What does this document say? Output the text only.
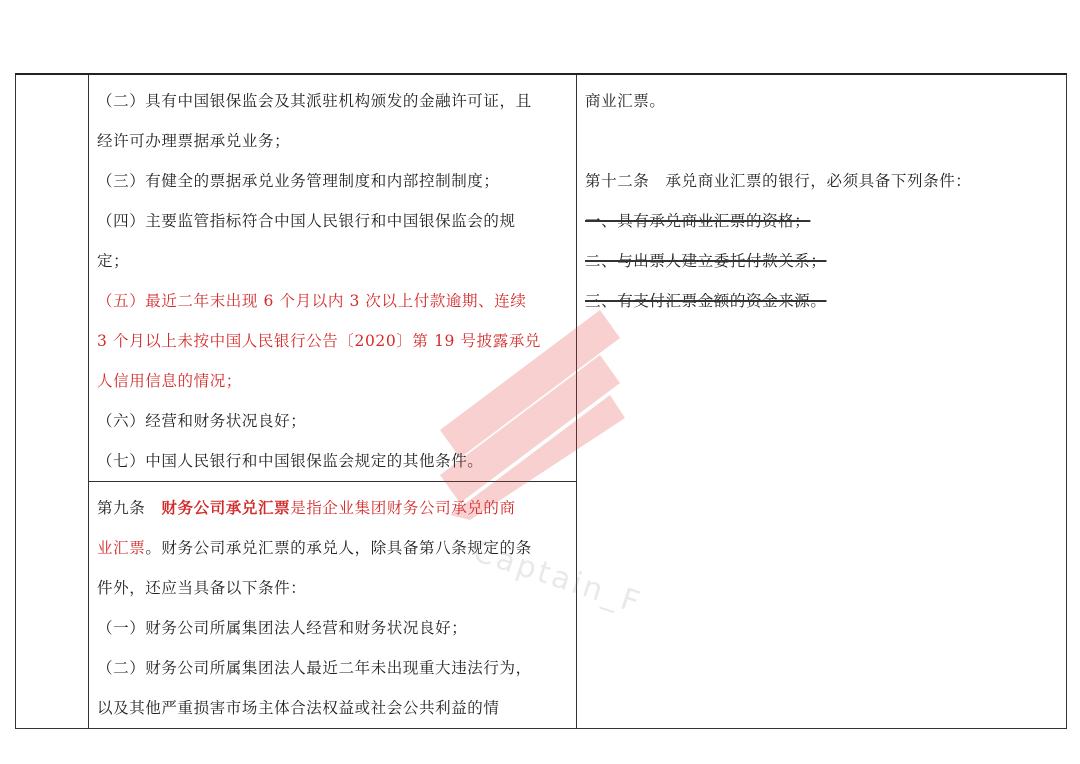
（二）具有中国银保监会及其派驻机构颁发的金融许可证，且
经许可办理票据承兑业务；
（三）有健全的票据承兑业务管理制度和内部控制制度；
（四）主要监管指标符合中国人民银行和中国银保监会的规
定；
（五）最近二年末出现 6 个月以内 3 次以上付款逾期、连续
3 个月以上未按中国人民银行公告〔2020〕第 19 号披露承兑
人信用信息的情况；
（六）经营和财务状况良好；
（七）中国人民银行和中国银保监会规定的其他条件。

商业汇票。
第十二条　承兑商业汇票的银行，必须具备下列条件：
一、具有承兑商业汇票的资格；
二、与出票人建立委托付款关系；
三、有支付汇票金额的资金来源。

第九条　财务公司承兑汇票是指企业集团财务公司承兑的商
业汇票。财务公司承兑汇票的承兑人，除具备第八条规定的条
件外，还应当具备以下条件：
（一）财务公司所属集团法人经营和财务状况良好；
（二）财务公司所属集团法人最近二年未出现重大违法行为，
以及其他严重损害市场主体合法权益或社会公共利益的情
Captain_F
